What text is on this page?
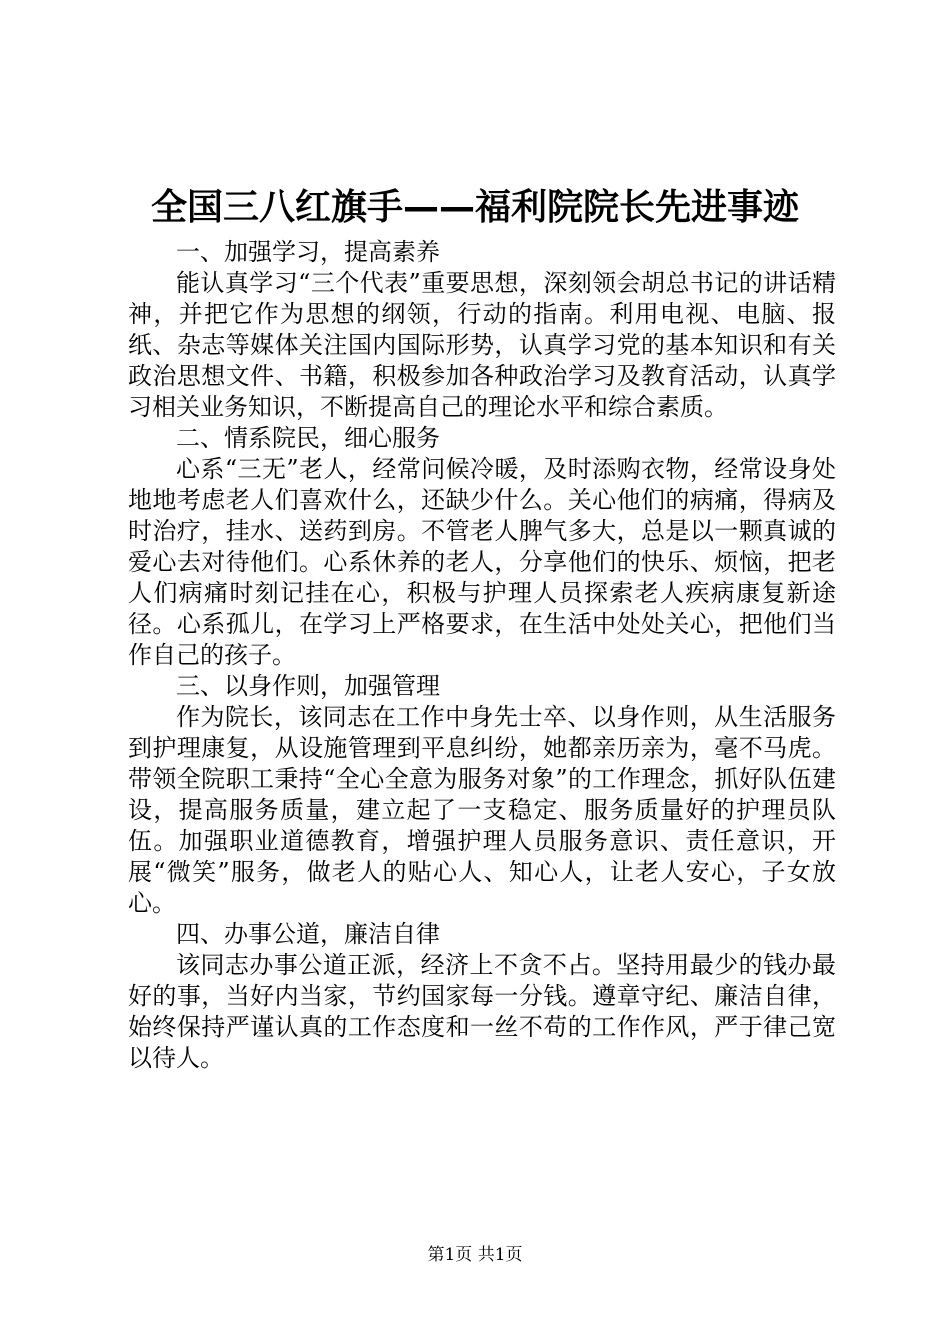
全国三八红旗手——福利院院长先进事迹

一、加强学习，提高素养

能认真学习“三个代表”重要思想，深刻领会胡总书记的讲话精神，并把它作为思想的纲领，行动的指南。利用电视、电脑、报纸、杂志等媒体关注国内国际形势，认真学习党的基本知识和有关政治思想文件、书籍，积极参加各种政治学习及教育活动，认真学习相关业务知识，不断提高自己的理论水平和综合素质。

二、情系院民，细心服务

心系“三无”老人，经常问候冷暖，及时添购衣物，经常设身处地地考虑老人们喜欢什么，还缺少什么。关心他们的病痛，得病及时治疗，挂水、送药到房。不管老人脾气多大，总是以一颗真诚的爱心去对待他们。心系休养的老人，分享他们的快乐、烦恼，把老人们病痛时刻记挂在心，积极与护理人员探索老人疾病康复新途径。心系孤儿，在学习上严格要求，在生活中处处关心，把他们当作自己的孩子。

三、以身作则，加强管理

作为院长，该同志在工作中身先士卒、以身作则，从生活服务到护理康复，从设施管理到平息纠纷，她都亲历亲为，毫不马虎。带领全院职工秉持“全心全意为服务对象”的工作理念，抓好队伍建设，提高服务质量，建立起了一支稳定、服务质量好的护理员队伍。加强职业道德教育，增强护理人员服务意识、责任意识，开展“微笑”服务，做老人的贴心人、知心人，让老人安心，子女放心。

四、办事公道，廉洁自律

该同志办事公道正派，经济上不贪不占。坚持用最少的钱办最好的事，当好内当家，节约国家每一分钱。遵章守纪、廉洁自律，始终保持严谨认真的工作态度和一丝不苟的工作作风，严于律己宽以待人。

第1页 共1页
